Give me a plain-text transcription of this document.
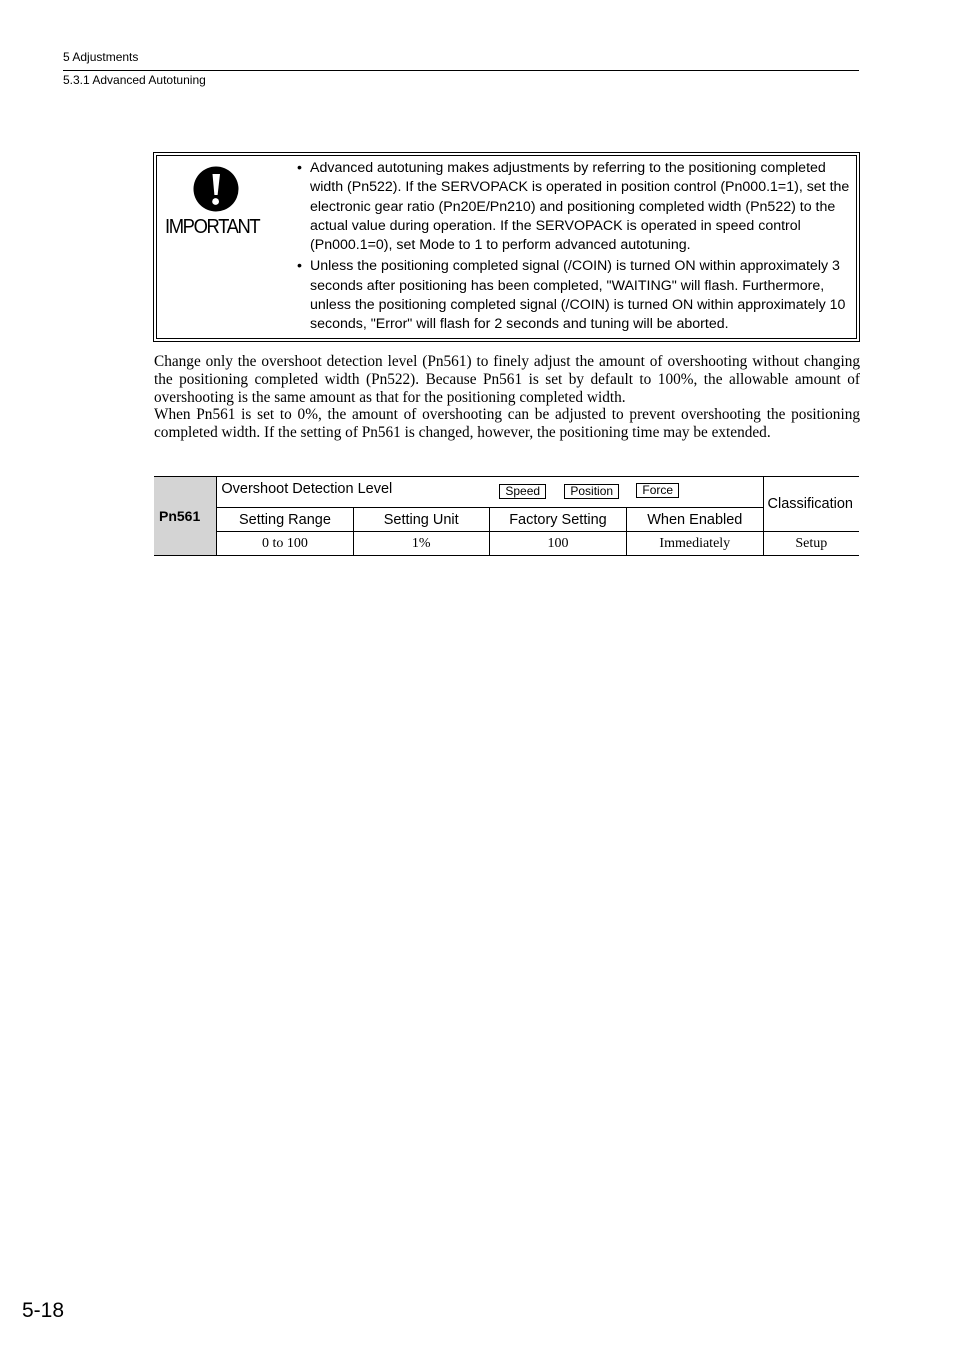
5 Adjustments
5.3.1 Advanced Autotuning
IMPORTANT
• Advanced autotuning makes adjustments by referring to the positioning completed width (Pn522). If the SERVOPACK is operated in position control (Pn000.1=1), set the electronic gear ratio (Pn20E/Pn210) and positioning completed width (Pn522) to the actual value during operation. If the SERVOPACK is operated in speed control (Pn000.1=0), set Mode to 1 to perform advanced autotuning.
• Unless the positioning completed signal (/COIN) is turned ON within approximately 3 seconds after positioning has been completed, "WAITING" will flash. Furthermore, unless the positioning completed signal (/COIN) is turned ON within approximately 10 seconds, "Error" will flash for 2 seconds and tuning will be aborted.

Change only the overshoot detection level (Pn561) to finely adjust the amount of overshooting without changing the positioning completed width (Pn522). Because Pn561 is set by default to 100%, the allowable amount of overshooting is the same amount as that for the positioning completed width.

When Pn561 is set to 0%, the amount of overshooting can be adjusted to prevent overshooting the positioning completed width. If the setting of Pn561 is changed, however, the positioning time may be extended.

Pn561	Overshoot Detection Level Speed Position Force				Classification
	Setting Range	Setting Unit	Factory Setting	When Enabled	
	0 to 100	1%	100	Immediately	Setup
5-18
